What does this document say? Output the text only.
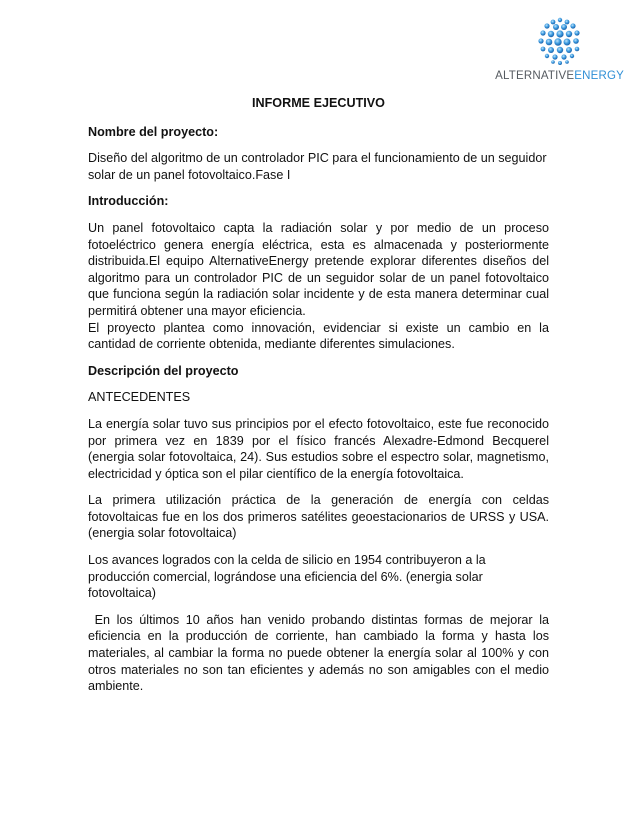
ALTERNATIVEENERGY
INFORME EJECUTIVO
Nombre del proyecto:
Diseño del algoritmo de un controlador PIC para el funcionamiento de un seguidor solar de un panel fotovoltaico.Fase I
Introducción:
Un panel fotovoltaico capta la radiación solar y por medio de un proceso fotoeléctrico genera energía eléctrica, esta es almacenada y posteriormente distribuida.El equipo AlternativeEnergy pretende explorar diferentes diseños del algoritmo para un controlador PIC de un seguidor solar de un panel fotovoltaico que funciona según la radiación solar incidente y de esta manera determinar cual permitirá obtener una mayor eficiencia.
El proyecto plantea como innovación, evidenciar si existe un cambio en la cantidad de corriente obtenida, mediante diferentes simulaciones.
Descripción del proyecto
ANTECEDENTES
La energía solar tuvo sus principios por el efecto fotovoltaico, este fue reconocido por primera vez en 1839 por el físico francés Alexadre-Edmond Becquerel (energia solar fotovoltaica, 24). Sus estudios sobre el espectro solar, magnetismo, electricidad y óptica son el pilar científico de la energía fotovoltaica.
La primera utilización práctica de la generación de energía con celdas fotovoltaicas fue en los dos primeros satélites geoestacionarios de URSS y USA. (energia solar fotovoltaica)
Los avances logrados con la celda de silicio en 1954 contribuyeron a la producción comercial, lográndose una eficiencia del 6%. (energia solar fotovoltaica)
En los últimos 10 años han venido probando distintas formas de mejorar la eficiencia en la producción de corriente, han cambiado la forma y hasta los materiales, al cambiar la forma no puede obtener la energía solar al 100% y con otros materiales no son tan eficientes y además no son amigables con el medio ambiente.
